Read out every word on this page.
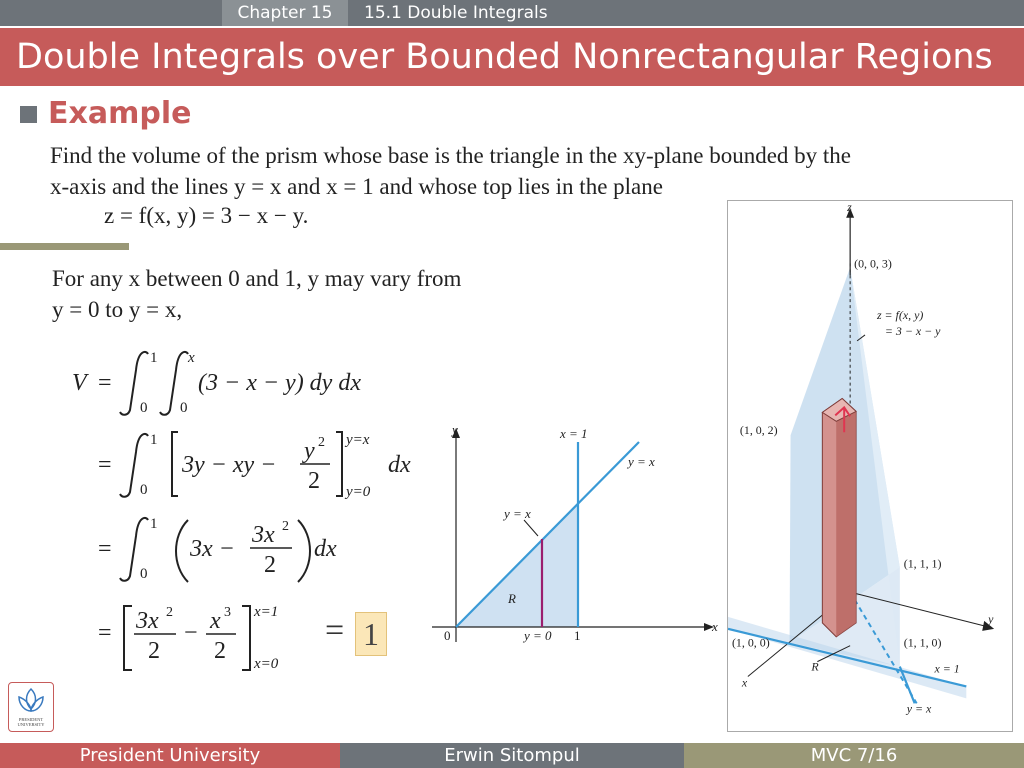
Chapter 15	15.1 Double Integrals
Double Integrals over Bounded Nonrectangular Regions
Example
Find the volume of the prism whose base is the triangle in the xy-plane bounded by the
x-axis and the lines y = x and x = 1 and whose top lies in the plane
z = f(x, y) = 3 − x − y.
For any x between 0 and 1, y may vary from
y = 0 to y = x,
V =
1
0
x
0
(3 − x − y) dy dx
=
1
0
3y − xy −
y 2
2
y=x
y=0
dx
=
1
0
3x −
3x 2
2
dx
= 3x 2
2
− x 3
2
x=1
x=0
= 1
y
x
0	1
x = 1
y = x
y = x
R
y = 0
z
(0, 0, 3)
z = f(x, y)
= 3 − x − y
(1, 0, 2)
(1, 1, 1)
y
(1, 0, 0)	(1, 1, 0)
x = 1
R
x
y = x
PRESIDENT
UNIVERSITY
President University	Erwin Sitompul	MVC 7/16
